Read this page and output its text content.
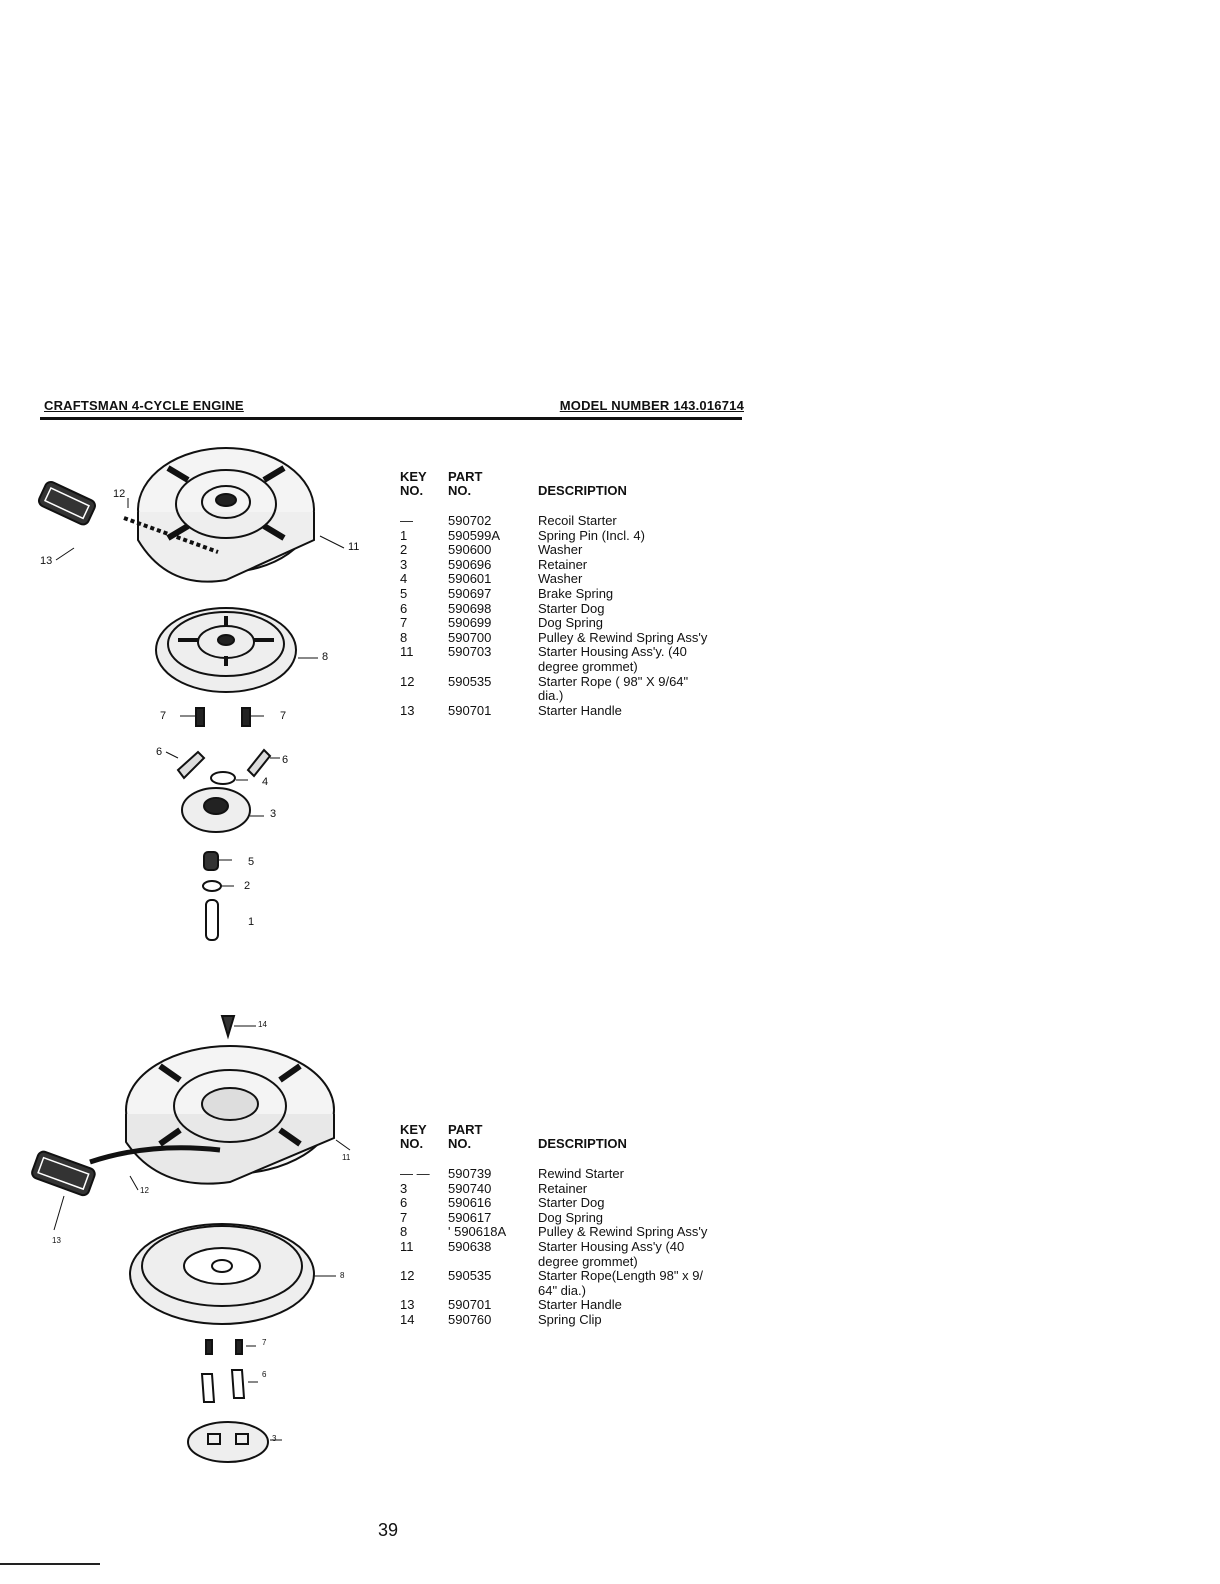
CRAFTSMAN 4-CYCLE ENGINE	MODEL NUMBER 143.016714
12
13
11
8
7	7
6
6
4
3
5
2
1
KEY PART
NO. NO.	DESCRIPTION
—	590702	Recoil Starter
1	590599A	Spring Pin (Incl. 4)
2	590600	Washer
3	590696	Retainer
4	590601	Washer
5	590697	Brake Spring
6	590698	Starter Dog
7	590699	Dog Spring
8	590700	Pulley & Rewind Spring Ass'y
11	590703	Starter Housing Ass'y. (40
degree grommet)
12	590535	Starter Rope ( 98" X 9/64"
dia.)
13	590701	Starter Handle
14
11
12
13
8
7
6
3
KEY PART
NO. NO.	DESCRIPTION
— — 590739	Rewind Starter
3	590740	Retainer
6	590616	Starter Dog
7	590617	Dog Spring
8	' 590618A Pulley & Rewind Spring Ass'y
11	590638	Starter Housing Ass'y (40
degree grommet)
12	590535	Starter Rope(Length 98" x 9/
64" dia.)
13	590701	Starter Handle
14	590760	Spring Clip
39
